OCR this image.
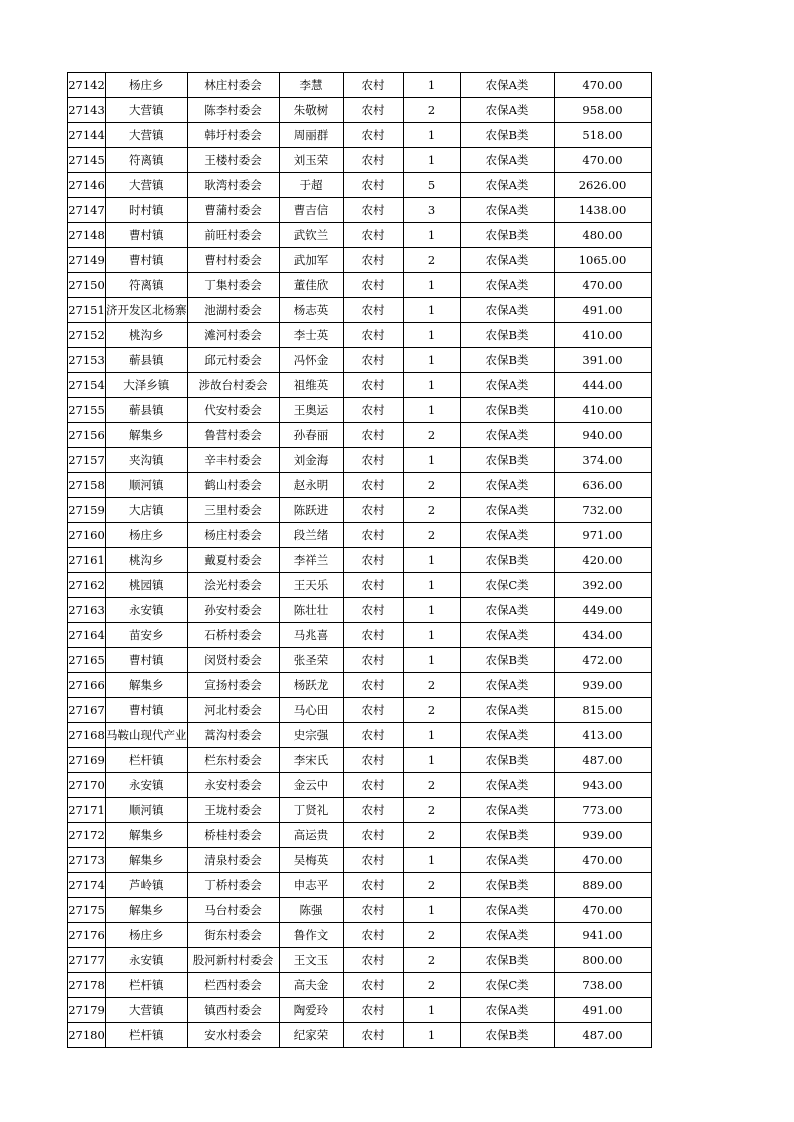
27142	杨庄乡	林庄村委会	李慧	农村	1	农保A类	470.00
27143	大营镇	陈李村委会	朱敬树	农村	2	农保A类	958.00
27144	大营镇	韩圩村委会	周丽群	农村	1	农保B类	518.00
27145	符离镇	王楼村委会	刘玉荣	农村	1	农保A类	470.00
27146	大营镇	耿湾村委会	于超	农村	5	农保A类	2626.00
27147	时村镇	曹蒲村委会	曹吉信	农村	3	农保A类	1438.00
27148	曹村镇	前旺村委会	武钦兰	农村	1	农保B类	480.00
27149	曹村镇	曹村村委会	武加军	农村	2	农保A类	1065.00
27150	符离镇	丁集村委会	董佳欣	农村	1	农保A类	470.00
27151	济开发区北杨寨	池湖村委会	杨志英	农村	1	农保A类	491.00
27152	桃沟乡	滩河村委会	李士英	农村	1	农保B类	410.00
27153	蕲县镇	邱元村委会	冯怀金	农村	1	农保B类	391.00
27154	大泽乡镇	涉故台村委会	祖维英	农村	1	农保A类	444.00
27155	蕲县镇	代安村委会	王奥运	农村	1	农保B类	410.00
27156	解集乡	鲁营村委会	孙春丽	农村	2	农保A类	940.00
27157	夹沟镇	辛丰村委会	刘金海	农村	1	农保B类	374.00
27158	顺河镇	鹤山村委会	赵永明	农村	2	农保A类	636.00
27159	大店镇	三里村委会	陈跃进	农村	2	农保A类	732.00
27160	杨庄乡	杨庄村委会	段兰绪	农村	2	农保A类	971.00
27161	桃沟乡	戴夏村委会	李祥兰	农村	1	农保B类	420.00
27162	桃园镇	浍光村委会	王天乐	农村	1	农保C类	392.00
27163	永安镇	孙安村委会	陈壮壮	农村	1	农保A类	449.00
27164	苗安乡	石桥村委会	马兆喜	农村	1	农保A类	434.00
27165	曹村镇	闵贤村委会	张圣荣	农村	1	农保B类	472.00
27166	解集乡	宣扬村委会	杨跃龙	农村	2	农保A类	939.00
27167	曹村镇	河北村委会	马心田	农村	2	农保A类	815.00
27168	马鞍山现代产业	蒿沟村委会	史宗强	农村	1	农保A类	413.00
27169	栏杆镇	栏东村委会	李宋氏	农村	1	农保B类	487.00
27170	永安镇	永安村委会	金云中	农村	2	农保A类	943.00
27171	顺河镇	王垅村委会	丁贤礼	农村	2	农保A类	773.00
27172	解集乡	桥桂村委会	高运贵	农村	2	农保B类	939.00
27173	解集乡	清泉村委会	吴梅英	农村	1	农保A类	470.00
27174	芦岭镇	丁桥村委会	申志平	农村	2	农保B类	889.00
27175	解集乡	马台村委会	陈强	农村	1	农保A类	470.00
27176	杨庄乡	街东村委会	鲁作文	农村	2	农保A类	941.00
27177	永安镇	股河新村村委会	王文玉	农村	2	农保B类	800.00
27178	栏杆镇	栏西村委会	高夫金	农村	2	农保C类	738.00
27179	大营镇	镇西村委会	陶爱玲	农村	1	农保A类	491.00
27180	栏杆镇	安水村委会	纪家荣	农村	1	农保B类	487.00
